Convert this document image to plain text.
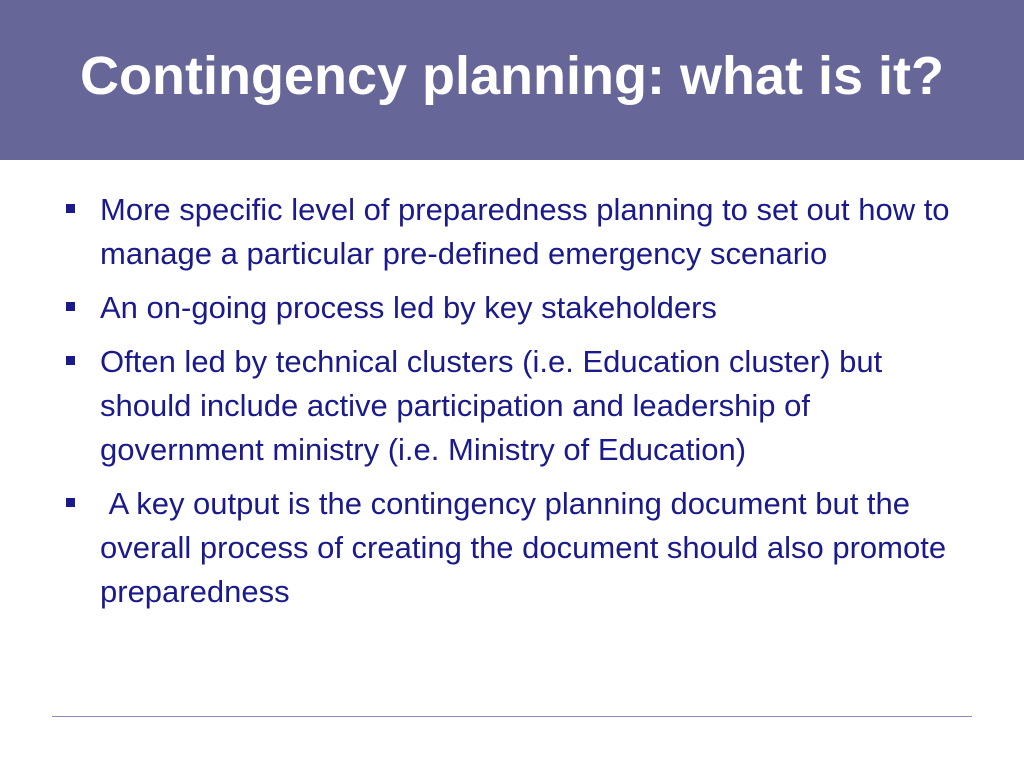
Contingency planning: what is it?
More specific level of preparedness planning to set out how to manage a particular pre-defined emergency scenario
An on-going process led by key stakeholders
Often led by technical clusters (i.e. Education cluster) but should include active participation and leadership of government ministry (i.e. Ministry of Education)
A key output is the contingency planning document but the overall process of creating the document should also promote preparedness
